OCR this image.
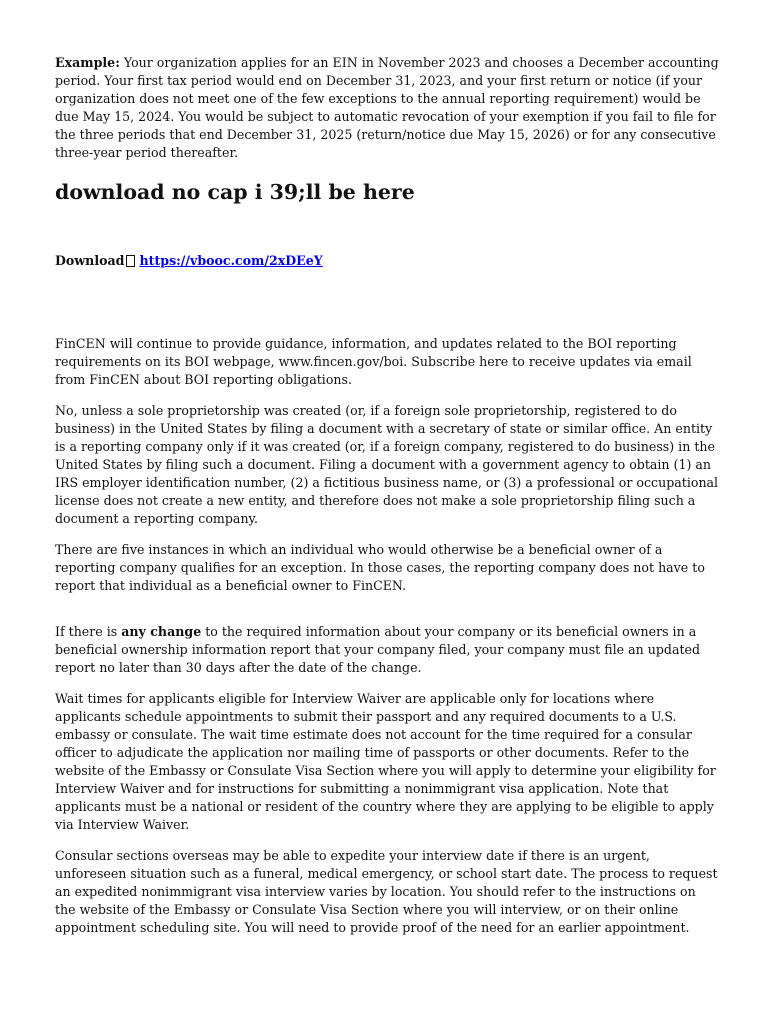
Example: Your organization applies for an EIN in November 2023 and chooses a December accounting period. Your first tax period would end on December 31, 2023, and your first return or notice (if your organization does not meet one of the few exceptions to the annual reporting requirement) would be due May 15, 2024. You would be subject to automatic revocation of your exemption if you fail to file for the three periods that end December 31, 2025 (return/notice due May 15, 2026) or for any consecutive three-year period thereafter.

download no cap i 39;ll be here

Download https://vbooc.com/2xDEeY

FinCEN will continue to provide guidance, information, and updates related to the BOI reporting requirements on its BOI webpage, www.fincen.gov/boi. Subscribe here to receive updates via email from FinCEN about BOI reporting obligations.

No, unless a sole proprietorship was created (or, if a foreign sole proprietorship, registered to do business) in the United States by filing a document with a secretary of state or similar office. An entity is a reporting company only if it was created (or, if a foreign company, registered to do business) in the United States by filing such a document. Filing a document with a government agency to obtain (1) an IRS employer identification number, (2) a fictitious business name, or (3) a professional or occupational license does not create a new entity, and therefore does not make a sole proprietorship filing such a document a reporting company.

There are five instances in which an individual who would otherwise be a beneficial owner of a reporting company qualifies for an exception. In those cases, the reporting company does not have to report that individual as a beneficial owner to FinCEN.

If there is any change to the required information about your company or its beneficial owners in a beneficial ownership information report that your company filed, your company must file an updated report no later than 30 days after the date of the change.

Wait times for applicants eligible for Interview Waiver are applicable only for locations where applicants schedule appointments to submit their passport and any required documents to a U.S. embassy or consulate. The wait time estimate does not account for the time required for a consular officer to adjudicate the application nor mailing time of passports or other documents. Refer to the website of the Embassy or Consulate Visa Section where you will apply to determine your eligibility for Interview Waiver and for instructions for submitting a nonimmigrant visa application. Note that applicants must be a national or resident of the country where they are applying to be eligible to apply via Interview Waiver.

Consular sections overseas may be able to expedite your interview date if there is an urgent, unforeseen situation such as a funeral, medical emergency, or school start date. The process to request an expedited nonimmigrant visa interview varies by location. You should refer to the instructions on the website of the Embassy or Consulate Visa Section where you will interview, or on their online appointment scheduling site. You will need to provide proof of the need for an earlier appointment.
